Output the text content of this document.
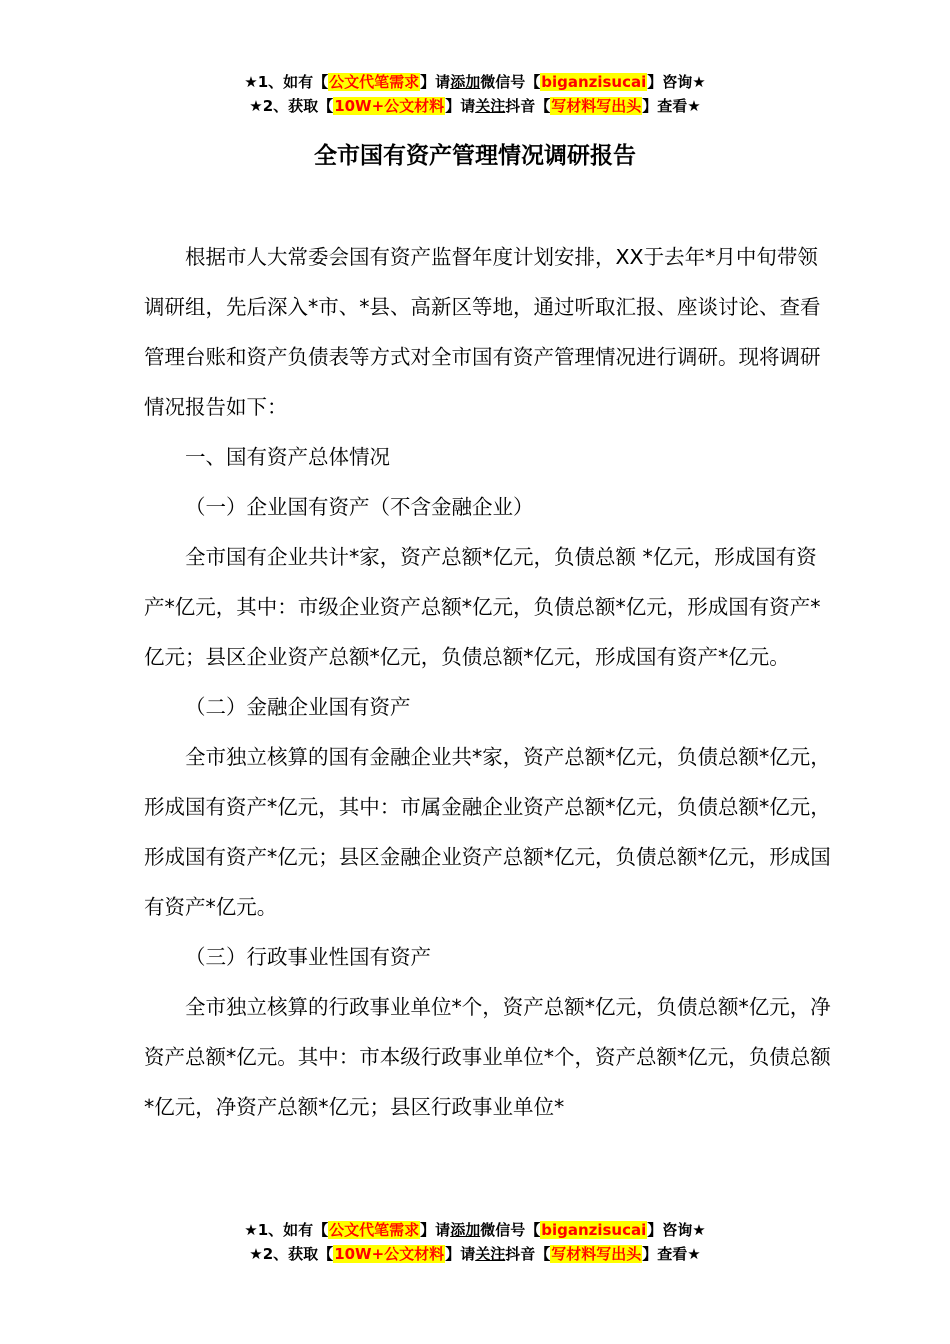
★1、如有【公文代笔需求】请添加微信号【biganzisucai】咨询★
★2、获取【10W+公文材料】请关注抖音【写材料写出头】查看★
全市国有资产管理情况调研报告

根据市人大常委会国有资产监督年度计划安排，XX于去年*月中旬带领调研组，先后深入*市、*县、高新区等地，通过听取汇报、座谈讨论、查看管理台账和资产负债表等方式对全市国有资产管理情况进行调研。现将调研情况报告如下：

一、国有资产总体情况

（一）企业国有资产（不含金融企业）

全市国有企业共计*家，资产总额*亿元，负债总额 *亿元，形成国有资产*亿元，其中：市级企业资产总额*亿元，负债总额*亿元，形成国有资产*亿元；县区企业资产总额*亿元，负债总额*亿元，形成国有资产*亿元。

（二）金融企业国有资产

全市独立核算的国有金融企业共*家，资产总额*亿元，负债总额*亿元，形成国有资产*亿元，其中：市属金融企业资产总额*亿元，负债总额*亿元，形成国有资产*亿元；县区金融企业资产总额*亿元，负债总额*亿元，形成国有资产*亿元。

（三）行政事业性国有资产

全市独立核算的行政事业单位*个，资产总额*亿元，负债总额*亿元，净资产总额*亿元。其中：市本级行政事业单位*个，资产总额*亿元，负债总额*亿元，净资产总额*亿元；县区行政事业单位*

★1、如有【公文代笔需求】请添加微信号【biganzisucai】咨询★
★2、获取【10W+公文材料】请关注抖音【写材料写出头】查看★
